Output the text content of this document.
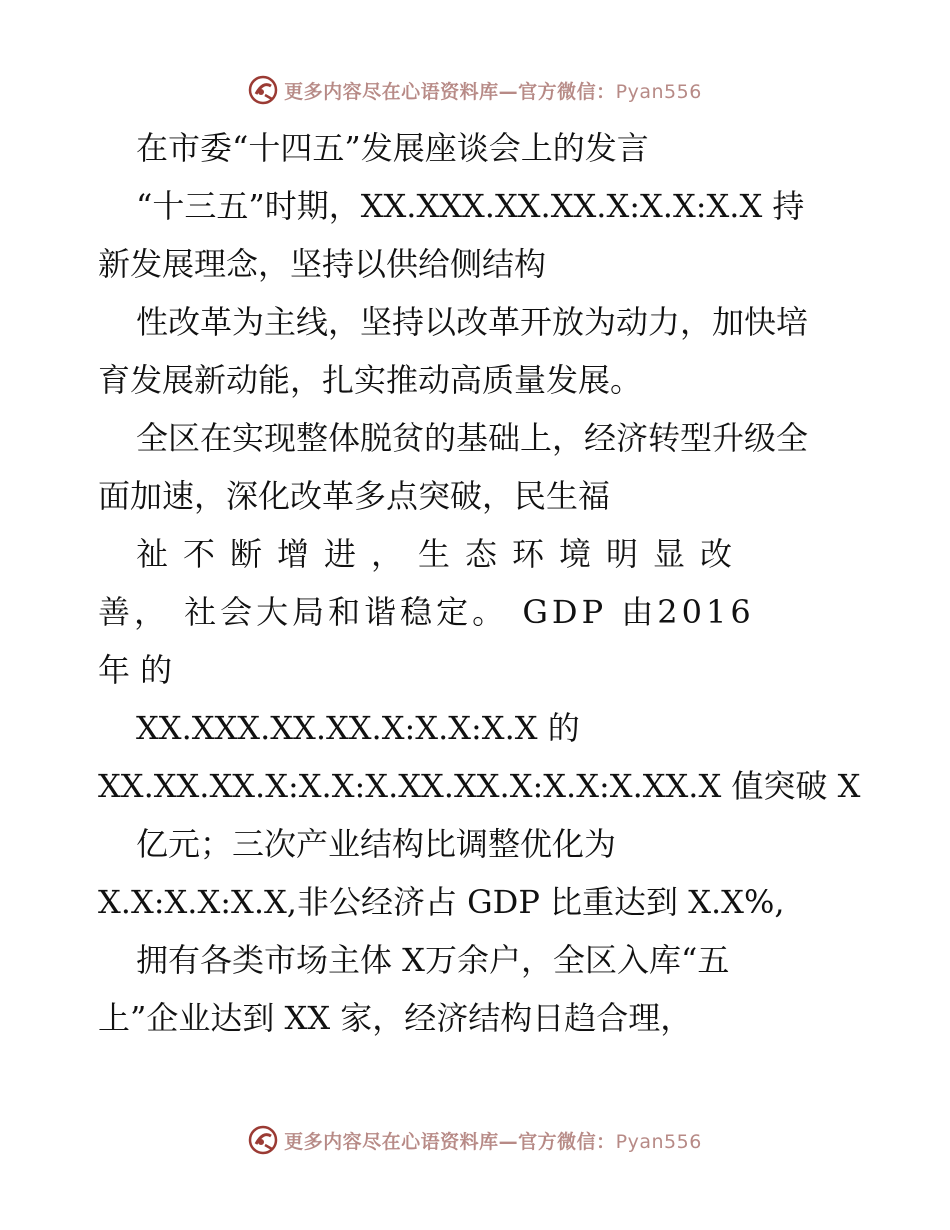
更多内容尽在心语资料库—官方微信：Pyan556
在市委“十四五”发展座谈会上的发言
“十三五”时期，XX.XXX.XX.XX.X:X.X:X.X 持
新发展理念，坚持以供给侧结构
性改革为主线，坚持以改革开放为动力，加快培
育发展新动能，扎实推动高质量发展。
全区在实现整体脱贫的基础上，经济转型升级全
面加速，深化改革多点突破，民生福
祉不断增进，生态环境明显改
善， 社会大局和谐稳定。 GDP 由2016
年 的
XX.XXX.XX.XX.X:X.X:X.X 的
XX.XX.XX.X:X.X:X.XX.XX.X:X.X:X.XX.X 值突破 X
亿元；三次产业结构比调整优化为
X.X:X.X:X.X,非公经济占 GDP 比重达到 X.X%,
拥有各类市场主体 X万余户，全区入库“五
上”企业达到 XX 家，经济结构日趋合理，
更多内容尽在心语资料库—官方微信：Pyan556
